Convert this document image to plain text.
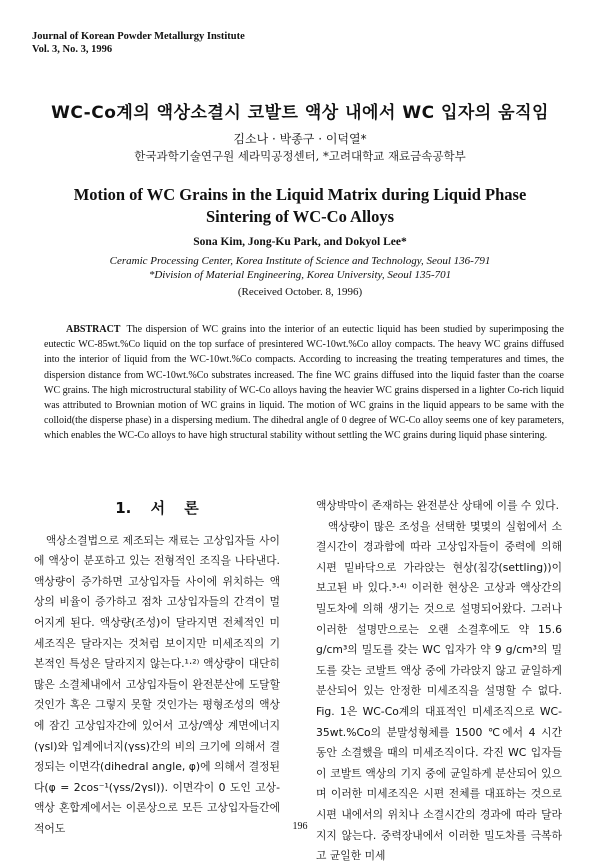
Journal of Korean Powder Metallurgy Institute
Vol. 3, No. 3, 1996
WC-Co계의 액상소결시 코발트 액상 내에서 WC 입자의 움직임
김소나 · 박종구 · 이덕열*
한국과학기술연구원 세라믹공정센터, *고려대학교 재료금속공학부
Motion of WC Grains in the Liquid Matrix during Liquid Phase
Sintering of WC-Co Alloys
Sona Kim, Jong-Ku Park, and Dokyol Lee*
Ceramic Processing Center, Korea Institute of Science and Technology, Seoul 136-791
*Division of Material Engineering, Korea University, Seoul 135-701
(Received October. 8, 1996)
ABSTRACT The dispersion of WC grains into the interior of an eutectic liquid has been studied by superimposing the eutectic WC-85wt.%Co liquid on the top surface of presintered WC-10wt.%Co alloy compacts. The heavy WC grains diffused into the interior of liquid from the WC-10wt.%Co compacts. According to increasing the treating temperatures and times, the dispersion distance from WC-10wt.%Co substrates increased. The fine WC grains diffused into the liquid faster than the coarse WC grains. The high microstructural stability of WC-Co alloys having the heavier WC grains dispersed in a lighter Co-rich liquid was attributed to Brownian motion of WC grains in liquid. The motion of WC grains in the liquid appears to be same with the colloid(the disperse phase) in a dispersing medium. The dihedral angle of 0 degree of WC-Co alloy seems one of key parameters, which enables the WC-Co alloys to have high structural stability without settling the WC grains during liquid phase sintering.
1. 서 론

액상소결법으로 제조되는 재료는 고상입자들 사이에 액상이 분포하고 있는 전형적인 조직을 나타낸다. 액상량이 증가하면 고상입자들 사이에 위치하는 액상의 비율이 증가하고 점차 고상입자들의 간격이 멀어지게 된다. 액상량(조성)이 달라지면 전체적인 미세조직은 달라지는 것처럼 보이지만 미세조직의 기본적인 특성은 달라지지 않는다.¹·²⁾ 액상량이 대단히 많은 소결체내에서 고상입자들이 완전분산에 도달할 것인가 혹은 그렇지 못할 것인가는 평형조성의 액상에 잠긴 고상입자간에 있어서 고상/액상 계면에너지(γsl)와 입계에너지(γss)간의 비의 크기에 의해서 결정되는 이면각(dihedral angle, φ)에 의해서 결정된다(φ = 2cos⁻¹(γss/2γsl)). 이면각이 0 도인 고상-액상 혼합계에서는 이론상으로 모든 고상입자들간에 적어도

액상박막이 존재하는 완전분산 상태에 이를 수 있다.

액상량이 많은 조성을 선택한 몇몇의 실험에서 소결시간이 경과함에 따라 고상입자들이 중력에 의해 시편 밑바닥으로 가라앉는 현상(침강(settling))이 보고된 바 있다.³·⁴⁾ 이러한 현상은 고상과 액상간의 밀도차에 의해 생기는 것으로 설명되어왔다. 그러나 이러한 설명만으로는 오랜 소결후에도 약 15.6 g/cm³의 밀도를 갖는 WC 입자가 약 9 g/cm³의 밀도를 갖는 코발트 액상 중에 가라앉지 않고 균일하게 분산되어 있는 안정한 미세조직을 설명할 수 없다. Fig. 1은 WC-Co계의 대표적인 미세조직으로 WC-35wt.%Co의 분말성형체를 1500 ℃에서 4 시간 동안 소결했을 때의 미세조직이다. 각진 WC 입자들이 코발트 액상의 기지 중에 균일하게 분산되어 있으며 이러한 미세조직은 시편 전체를 대표하는 것으로 시편 내에서의 위치나 소결시간의 경과에 따라 달라지지 않는다. 중력장내에서 이러한 밀도차를 극복하고 균일한 미세

196
